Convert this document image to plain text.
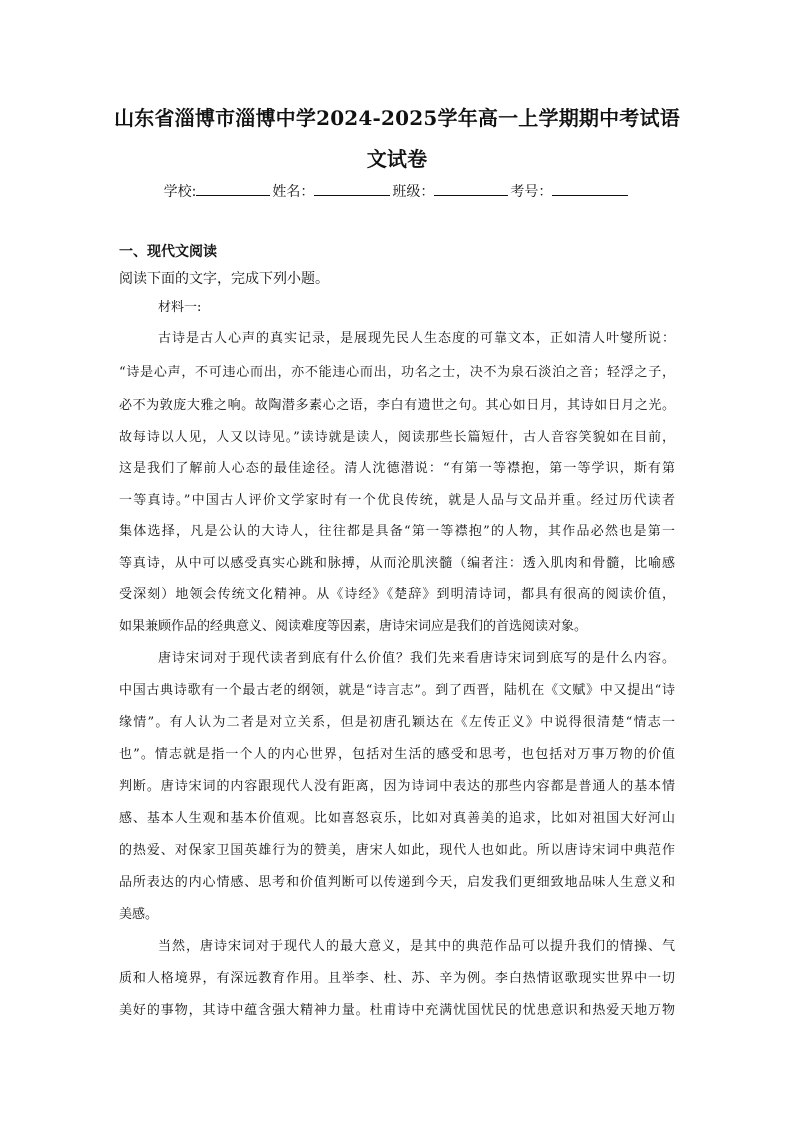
山东省淄博市淄博中学2024-2025学年高一上学期期中考试语
文试卷
学校:	姓名：	班级：	考号：
一、现代文阅读
阅读下面的文字，完成下列小题。
材料一:
古诗是古人心声的真实记录，是展现先民人生态度的可靠文本，正如清人叶燮所说：
“诗是心声，不可违心而出，亦不能违心而出，功名之士，决不为泉石淡泊之音；轻浮之子，
必不为敦庞大雅之响。故陶潜多素心之语，李白有遗世之句。其心如日月，其诗如日月之光。
故每诗以人见，人又以诗见。”读诗就是读人，阅读那些长篇短什，古人音容笑貌如在目前，
这是我们了解前人心态的最佳途径。清人沈德潜说：“有第一等襟抱，第一等学识，斯有第
一等真诗。”中国古人评价文学家时有一个优良传统，就是人品与文品并重。经过历代读者
集体选择，凡是公认的大诗人，往往都是具备“第一等襟抱”的人物，其作品必然也是第一
等真诗，从中可以感受真实心跳和脉搏，从而沦肌浃髓（编者注：透入肌肉和骨髓，比喻感
受深刻）地领会传统文化精神。从《诗经》《楚辞》到明清诗词，都具有很高的阅读价值，
如果兼顾作品的经典意义、阅读难度等因素，唐诗宋词应是我们的首选阅读对象。
唐诗宋词对于现代读者到底有什么价值？我们先来看唐诗宋词到底写的是什么内容。
中国古典诗歌有一个最古老的纲领，就是“诗言志”。到了西晋，陆机在《文赋》中又提出“诗
缘情”。有人认为二者是对立关系，但是初唐孔颖达在《左传正义》中说得很清楚“情志一
也”。情志就是指一个人的内心世界，包括对生活的感受和思考，也包括对万事万物的价值
判断。唐诗宋词的内容跟现代人没有距离，因为诗词中表达的那些内容都是普通人的基本情
感、基本人生观和基本价值观。比如喜怒哀乐，比如对真善美的追求，比如对祖国大好河山
的热爱、对保家卫国英雄行为的赞美，唐宋人如此，现代人也如此。所以唐诗宋词中典范作
品所表达的内心情感、思考和价值判断可以传递到今天，启发我们更细致地品味人生意义和
美感。
当然，唐诗宋词对于现代人的最大意义，是其中的典范作品可以提升我们的情操、气
质和人格境界，有深远教育作用。且举李、杜、苏、辛为例。李白热情讴歌现实世界中一切
美好的事物，其诗中蕴含强大精神力量。杜甫诗中充满忧国忧民的忧患意识和热爱天地万物
